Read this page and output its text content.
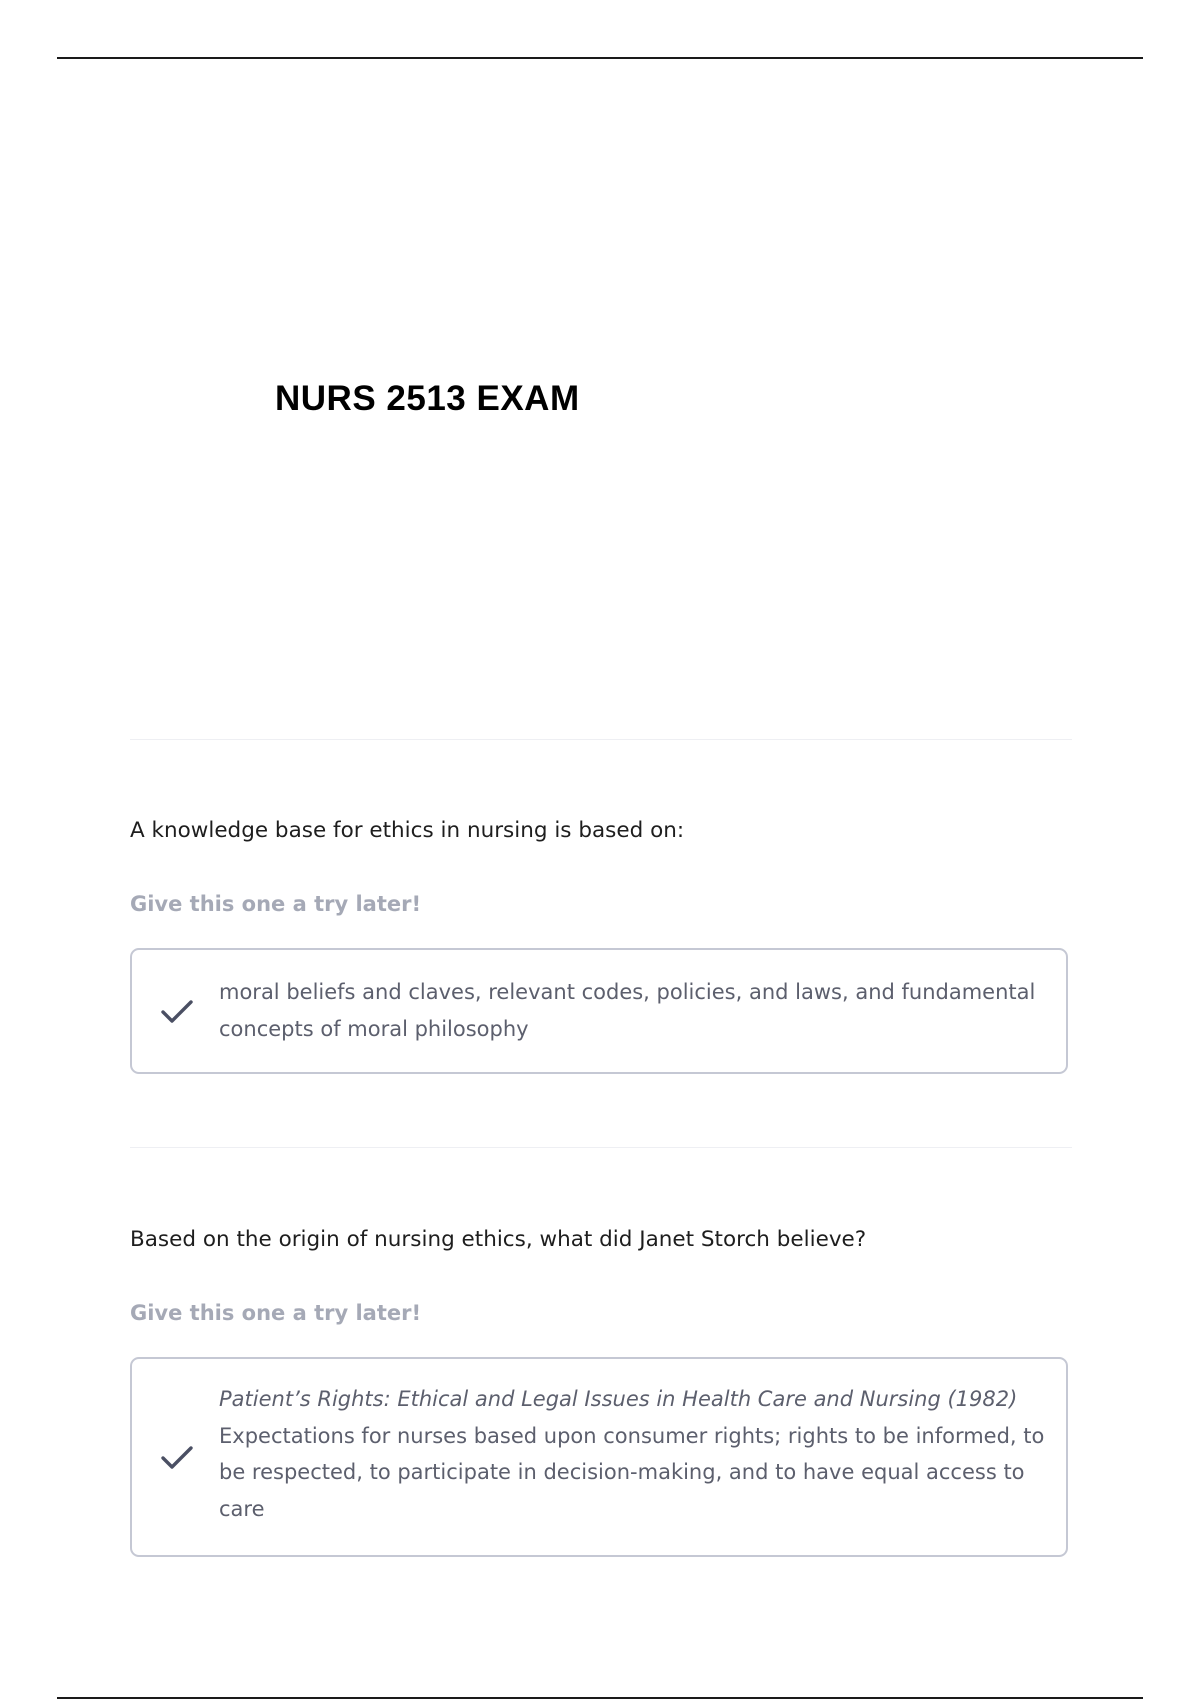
NURS 2513 EXAM

A knowledge base for ethics in nursing is based on:

Give this one a try later!
moral beliefs and claves, relevant codes, policies, and laws, and fundamental concepts of moral philosophy

Based on the origin of nursing ethics, what did Janet Storch believe?

Give this one a try later!
Patient’s Rights: Ethical and Legal Issues in Health Care and Nursing (1982)
Expectations for nurses based upon consumer rights; rights to be informed, to be respected, to participate in decision-making, and to have equal access to care
